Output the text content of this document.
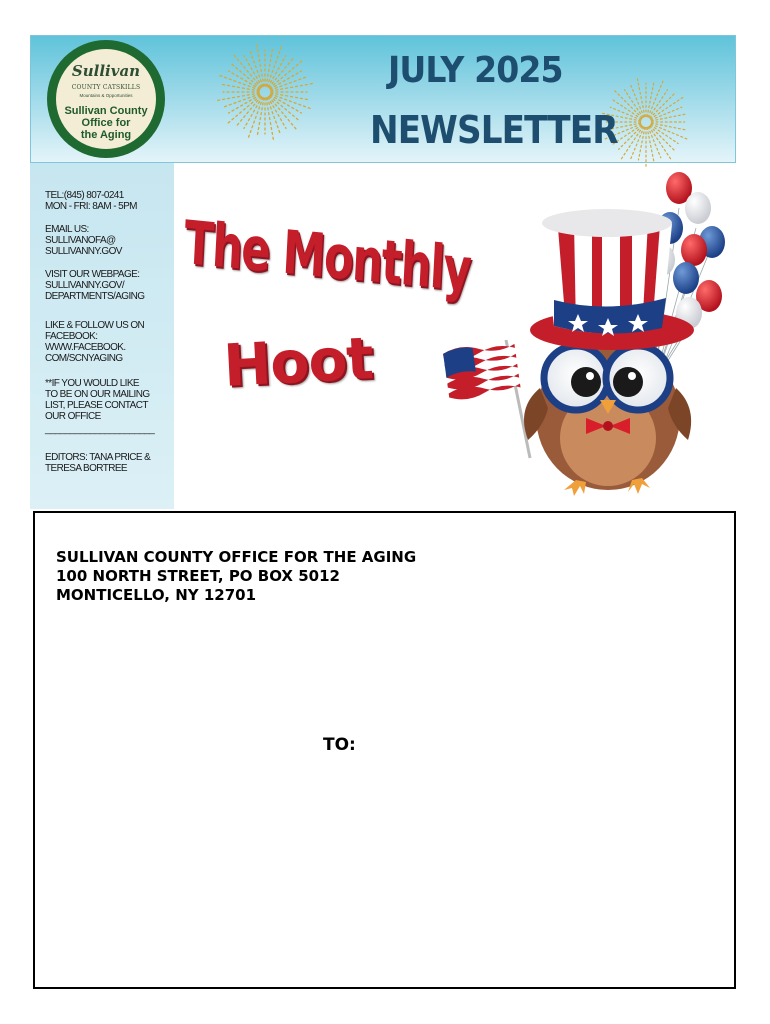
Sullivan
COUNTY CATSKILLS
Mountains & Opportunities
Sullivan County
Office for
the Aging
JULY 2025
NEWSLETTER
TEL:(845) 807-0241
MON - FRI: 8AM - 5PM
EMAIL US:
SULLIVANOFA@
SULLIVANNY.GOV
VISIT OUR WEBPAGE:
SULLIVANNY.GOV/
DEPARTMENTS/AGING
LIKE & FOLLOW US ON
FACEBOOK:
WWW.FACEBOOK.
COM/SCNYAGING
**IF YOU WOULD LIKE
TO BE ON OUR MAILING
LIST, PLEASE CONTACT
OUR OFFICE
______________________
EDITORS: TANA PRICE &
TERESA BORTREE
The Monthly
Hoot
SULLIVAN COUNTY OFFICE FOR THE AGING
100 NORTH STREET, PO BOX 5012
MONTICELLO, NY 12701
TO:
